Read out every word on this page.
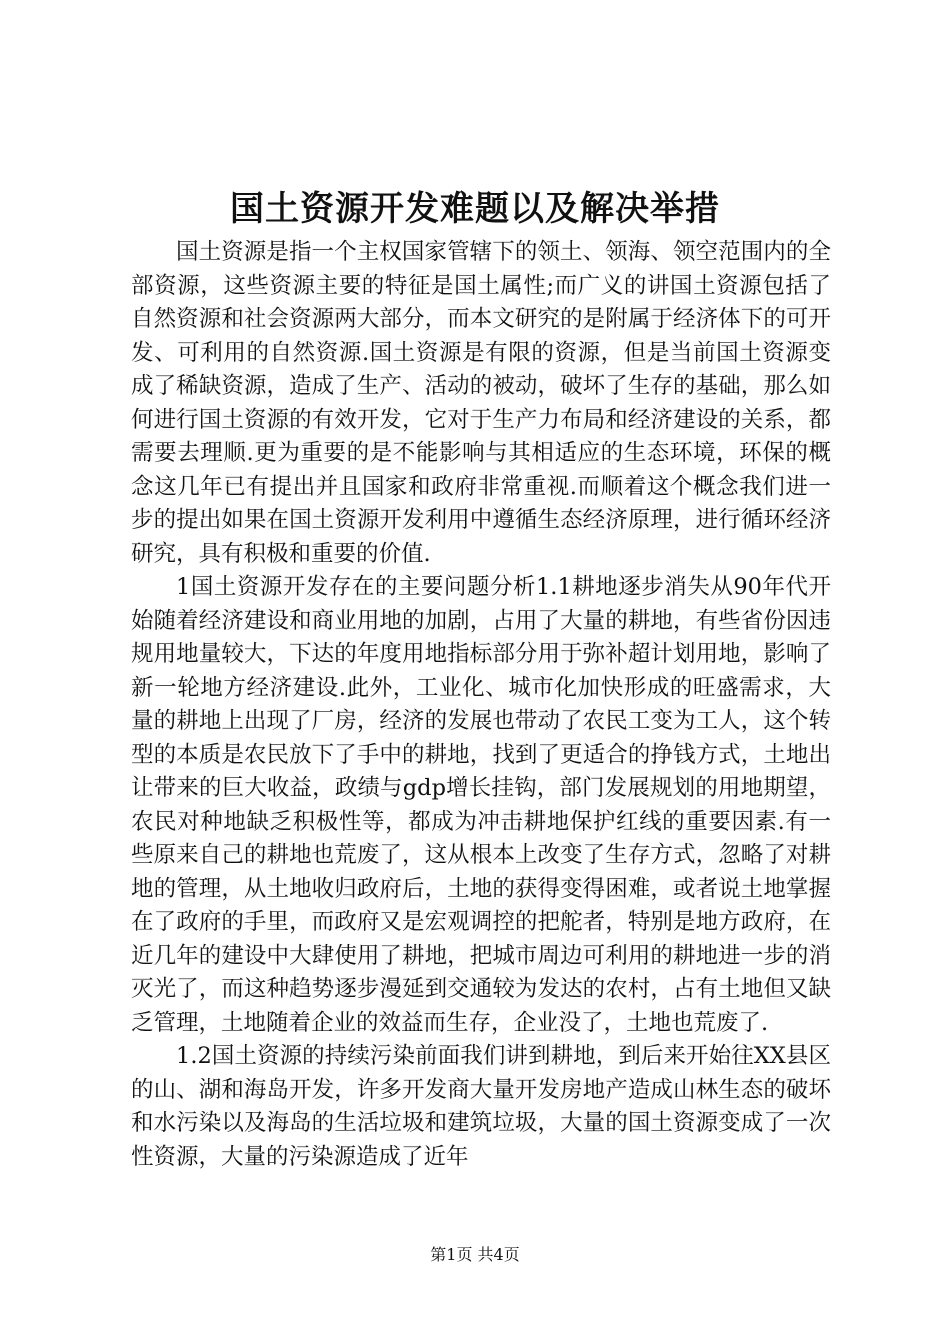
国土资源开发难题以及解决举措

国土资源是指一个主权国家管辖下的领土、领海、领空范围内的全部资源，这些资源主要的特征是国土属性;而广义的讲国土资源包括了自然资源和社会资源两大部分，而本文研究的是附属于经济体下的可开发、可利用的自然资源.国土资源是有限的资源，但是当前国土资源变成了稀缺资源，造成了生产、活动的被动，破坏了生存的基础，那么如何进行国土资源的有效开发，它对于生产力布局和经济建设的关系，都需要去理顺.更为重要的是不能影响与其相适应的生态环境，环保的概念这几年已有提出并且国家和政府非常重视.而顺着这个概念我们进一步的提出如果在国土资源开发利用中遵循生态经济原理，进行循环经济研究，具有积极和重要的价值.

1国土资源开发存在的主要问题分析1.1耕地逐步消失从90年代开始随着经济建设和商业用地的加剧，占用了大量的耕地，有些省份因违规用地量较大，下达的年度用地指标部分用于弥补超计划用地，影响了新一轮地方经济建设.此外，工业化、城市化加快形成的旺盛需求，大量的耕地上出现了厂房，经济的发展也带动了农民工变为工人，这个转型的本质是农民放下了手中的耕地，找到了更适合的挣钱方式，土地出让带来的巨大收益，政绩与gdp增长挂钩，部门发展规划的用地期望，农民对种地缺乏积极性等，都成为冲击耕地保护红线的重要因素.有一些原来自己的耕地也荒废了，这从根本上改变了生存方式，忽略了对耕地的管理，从土地收归政府后，土地的获得变得困难，或者说土地掌握在了政府的手里，而政府又是宏观调控的把舵者，特别是地方政府，在近几年的建设中大肆使用了耕地，把城市周边可利用的耕地进一步的消灭光了，而这种趋势逐步漫延到交通较为发达的农村，占有土地但又缺乏管理，土地随着企业的效益而生存，企业没了，土地也荒废了.

1.2国土资源的持续污染前面我们讲到耕地，到后来开始往XX县区的山、湖和海岛开发，许多开发商大量开发房地产造成山林生态的破坏和水污染以及海岛的生活垃圾和建筑垃圾，大量的国土资源变成了一次性资源，大量的污染源造成了近年

第1页 共4页
